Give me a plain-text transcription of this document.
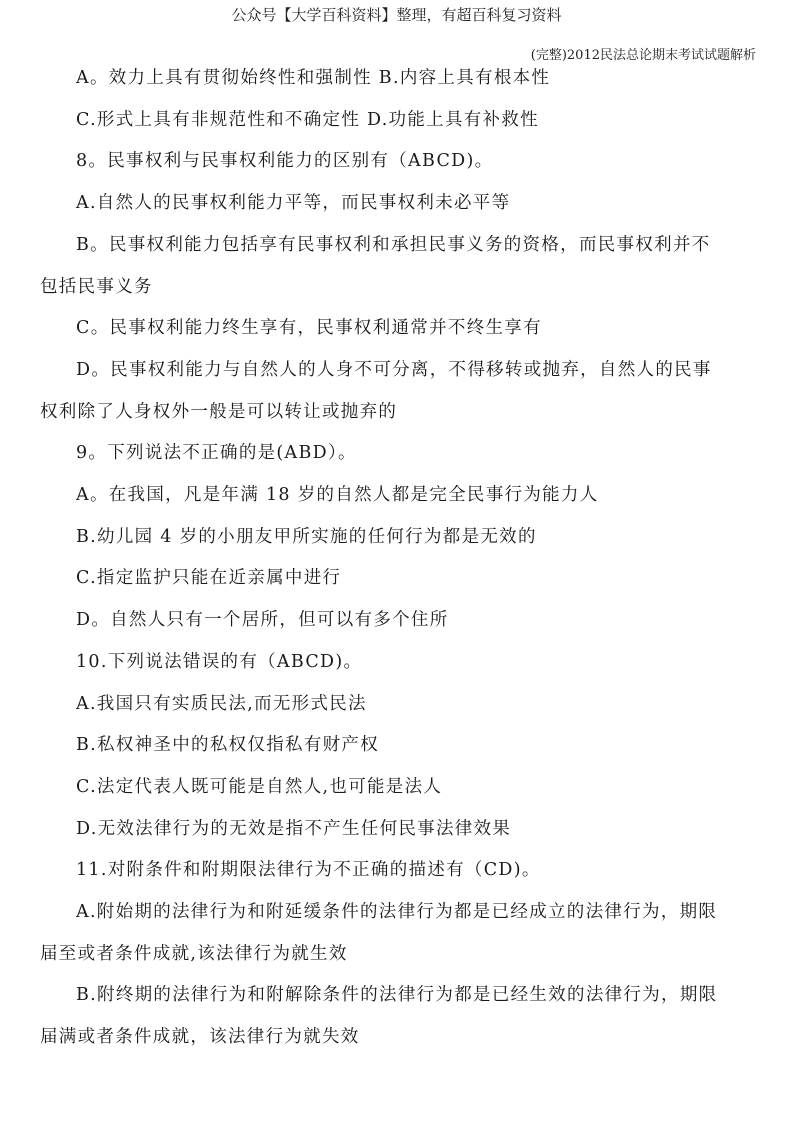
公众号【大学百科资料】整理，有超百科复习资料
(完整)2012民法总论期末考试试题解析
A。效力上具有贯彻始终性和强制性 B.内容上具有根本性
C.形式上具有非规范性和不确定性 D.功能上具有补救性
8。民事权利与民事权利能力的区别有（ABCD)。
A.自然人的民事权利能力平等，而民事权利未必平等
B。民事权利能力包括享有民事权利和承担民事义务的资格，而民事权利并不
包括民事义务
C。民事权利能力终生享有，民事权利通常并不终生享有
D。民事权利能力与自然人的人身不可分离，不得移转或抛弃，自然人的民事
权利除了人身权外一般是可以转让或抛弃的
9。下列说法不正确的是(ABD）。
A。在我国，凡是年满 18 岁的自然人都是完全民事行为能力人
B.幼儿园 4 岁的小朋友甲所实施的任何行为都是无效的
C.指定监护只能在近亲属中进行
D。自然人只有一个居所，但可以有多个住所
10.下列说法错误的有（ABCD)。
A.我国只有实质民法,而无形式民法
B.私权神圣中的私权仅指私有财产权
C.法定代表人既可能是自然人,也可能是法人
D.无效法律行为的无效是指不产生任何民事法律效果
11.对附条件和附期限法律行为不正确的描述有（CD)。
A.附始期的法律行为和附延缓条件的法律行为都是已经成立的法律行为，期限
届至或者条件成就,该法律行为就生效
B.附终期的法律行为和附解除条件的法律行为都是已经生效的法律行为，期限
届满或者条件成就，该法律行为就失效
